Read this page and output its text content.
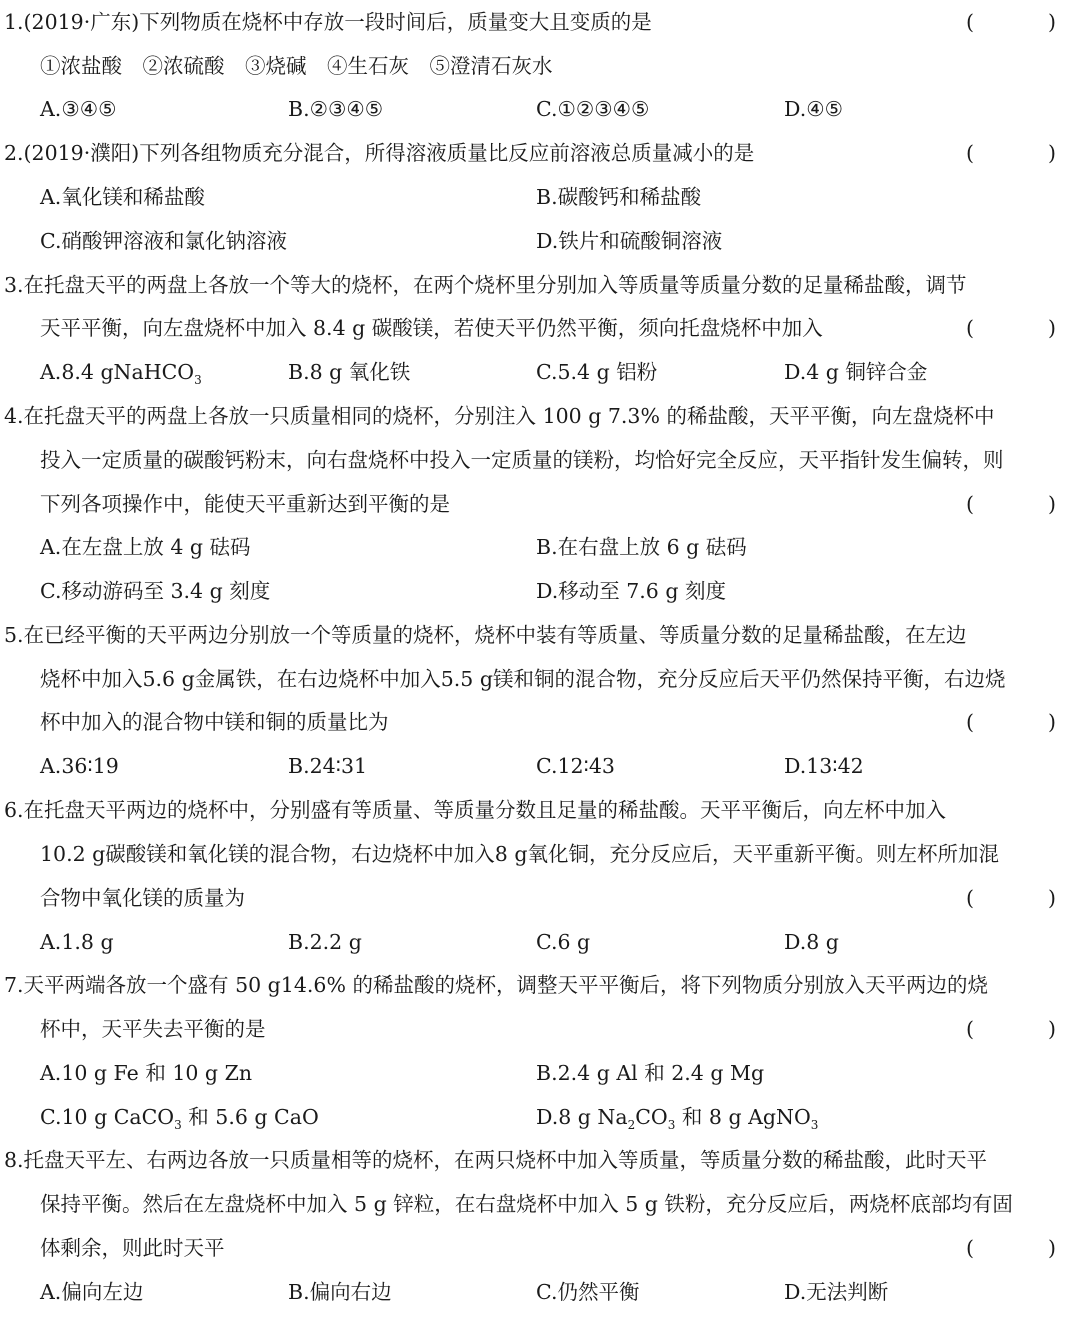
1.(2019·广东)下列物质在烧杯中存放一段时间后，质量变大且变质的是	(	)
①浓盐酸　②浓硫酸　③烧碱　④生石灰　⑤澄清石灰水
A.③④⑤	B.②③④⑤	C.①②③④⑤	D.④⑤
2.(2019·濮阳)下列各组物质充分混合，所得溶液质量比反应前溶液总质量减小的是	(	)
A.氧化镁和稀盐酸	B.碳酸钙和稀盐酸
C.硝酸钾溶液和氯化钠溶液	D.铁片和硫酸铜溶液
3.在托盘天平的两盘上各放一个等大的烧杯，在两个烧杯里分别加入等质量等质量分数的足量稀盐酸，调节
天平平衡，向左盘烧杯中加入 8.4 g 碳酸镁，若使天平仍然平衡，须向托盘烧杯中加入	(	)
A.8.4 gNaHCO$_3$	B.8 g 氧化铁	C.5.4 g 铝粉	D.4 g 铜锌合金
4.在托盘天平的两盘上各放一只质量相同的烧杯，分别注入 100 g 7.3% 的稀盐酸，天平平衡，向左盘烧杯中
投入一定质量的碳酸钙粉末，向右盘烧杯中投入一定质量的镁粉，均恰好完全反应，天平指针发生偏转，则
下列各项操作中，能使天平重新达到平衡的是	(	)
A.在左盘上放 4 g 砝码	B.在右盘上放 6 g 砝码
C.移动游码至 3.4 g 刻度	D.移动至 7.6 g 刻度
5.在已经平衡的天平两边分别放一个等质量的烧杯，烧杯中装有等质量、等质量分数的足量稀盐酸，在左边
烧杯中加入5.6 g金属铁，在右边烧杯中加入5.5 g镁和铜的混合物，充分反应后天平仍然保持平衡，右边烧
杯中加入的混合物中镁和铜的质量比为	(	)
A.36∶19	B.24∶31	C.12∶43	D.13∶42
6.在托盘天平两边的烧杯中，分别盛有等质量、等质量分数且足量的稀盐酸。天平平衡后，向左杯中加入
10.2 g碳酸镁和氧化镁的混合物，右边烧杯中加入8 g氧化铜，充分反应后，天平重新平衡。则左杯所加混
合物中氧化镁的质量为	(	)
A.1.8 g	B.2.2 g	C.6 g	D.8 g
7.天平两端各放一个盛有 50 g14.6% 的稀盐酸的烧杯，调整天平平衡后，将下列物质分别放入天平两边的烧
杯中，天平失去平衡的是	(	)
A.10 g Fe 和 10 g Zn	B.2.4 g Al 和 2.4 g Mg
C.10 g CaCO$_3$ 和 5.6 g CaO	D.8 g $Na_2CO_3$ 和 8 g AgNO$_3$
8.托盘天平左、右两边各放一只质量相等的烧杯，在两只烧杯中加入等质量，等质量分数的稀盐酸，此时天平
保持平衡。然后在左盘烧杯中加入 5 g 锌粒，在右盘烧杯中加入 5 g 铁粉，充分反应后，两烧杯底部均有固
体剩余，则此时天平	(	)
A.偏向左边	B.偏向右边	C.仍然平衡	D.无法判断
